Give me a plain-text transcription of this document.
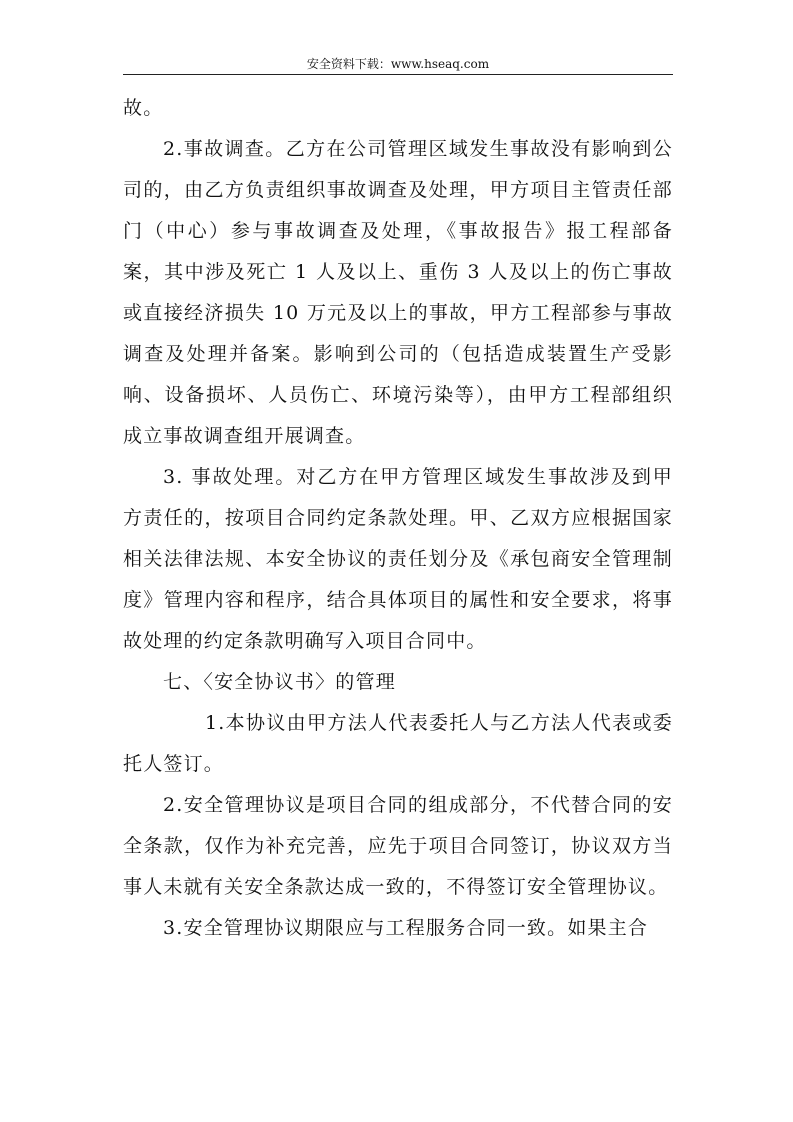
安全资料下载：www.hseaq.com

故。

2.事故调查。乙方在公司管理区域发生事故没有影响到公司的，由乙方负责组织事故调查及处理，甲方项目主管责任部门（中心）参与事故调查及处理，《事故报告》报工程部备案，其中涉及死亡 1 人及以上、重伤 3 人及以上的伤亡事故或直接经济损失 10 万元及以上的事故，甲方工程部参与事故调查及处理并备案。影响到公司的（包括造成装置生产受影响、设备损坏、人员伤亡、环境污染等），由甲方工程部组织成立事故调查组开展调查。

3. 事故处理。对乙方在甲方管理区域发生事故涉及到甲方责任的，按项目合同约定条款处理。甲、乙双方应根据国家相关法律法规、本安全协议的责任划分及《承包商安全管理制度》管理内容和程序，结合具体项目的属性和安全要求，将事故处理的约定条款明确写入项目合同中。

七、〈安全协议书〉的管理

1.本协议由甲方法人代表委托人与乙方法人代表或委托人签订。

2.安全管理协议是项目合同的组成部分，不代替合同的安全条款，仅作为补充完善，应先于项目合同签订，协议双方当事人未就有关安全条款达成一致的，不得签订安全管理协议。

3.安全管理协议期限应与工程服务合同一致。如果主合
